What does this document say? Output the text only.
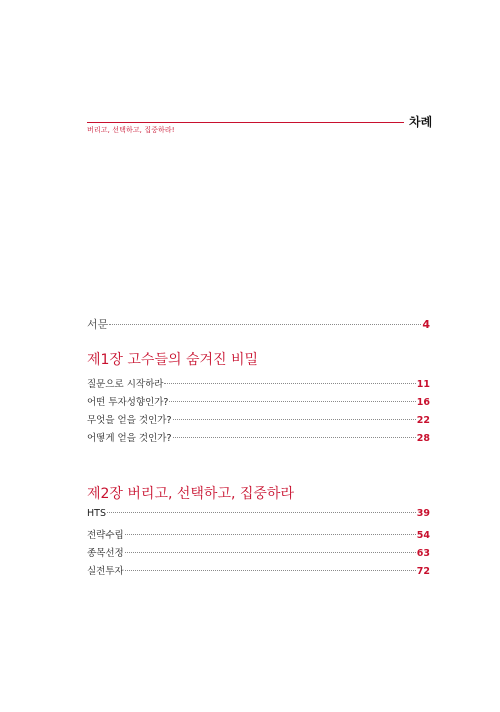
버리고, 선택하고, 집중하라!
차례
서문	4
제1장 고수들의 숨겨진 비밀
질문으로 시작하라	11
어떤 투자성향인가?	16
무엇을 얻을 것인가?	22
어떻게 얻을 것인가?	28
제2장 버리고, 선택하고, 집중하라
HTS	39
전략수립	54
종목선정	63
실전투자	72
